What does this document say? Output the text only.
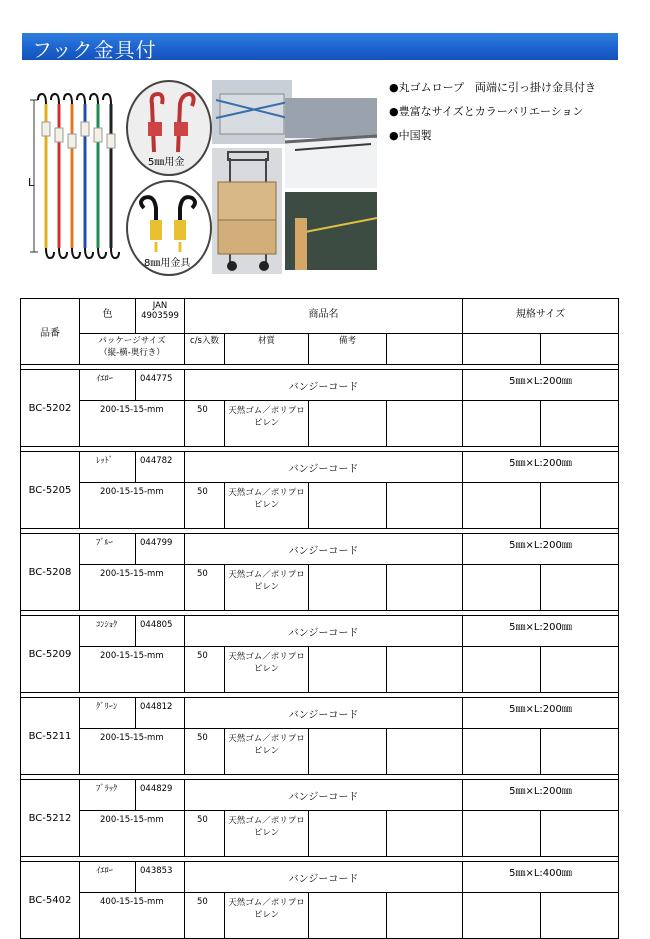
フック金具付
L
5㎜用金
8㎜用金具
●丸ゴムロープ　両端に引っ掛け金具付き
●豊富なサイズとカラーバリエーション
●中国製
品番	色	JAN
4903599	商品名				規格サイズ	
	パッケージサイズ
（縦-横-奥行き）		c/s入数	材質	備考			

BC-5202	ｲｴﾛｰ	044775	バンジーコード				5㎜×L:200㎜	
	200-15-15-mm		50	天然ゴム／ポリプロピレン				

BC-5205	ﾚｯﾄﾞ	044782	バンジーコード				5㎜×L:200㎜	
	200-15-15-mm		50	天然ゴム／ポリプロピレン				

BC-5208	ﾌﾞﾙｰ	044799	バンジーコード				5㎜×L:200㎜	
	200-15-15-mm		50	天然ゴム／ポリプロピレン				

BC-5209	ｺﾝｼｮｸ	044805	バンジーコード				5㎜×L:200㎜	
	200-15-15-mm		50	天然ゴム／ポリプロピレン				

BC-5211	ｸﾞﾘｰﾝ	044812	バンジーコード				5㎜×L:200㎜	
	200-15-15-mm		50	天然ゴム／ポリプロピレン				

BC-5212	ﾌﾞﾗｯｸ	044829	バンジーコード				5㎜×L:200㎜	
	200-15-15-mm		50	天然ゴム／ポリプロピレン				

BC-5402	ｲｴﾛｰ	043853	バンジーコード				5㎜×L:400㎜	
	400-15-15-mm		50	天然ゴム／ポリプロピレン				
